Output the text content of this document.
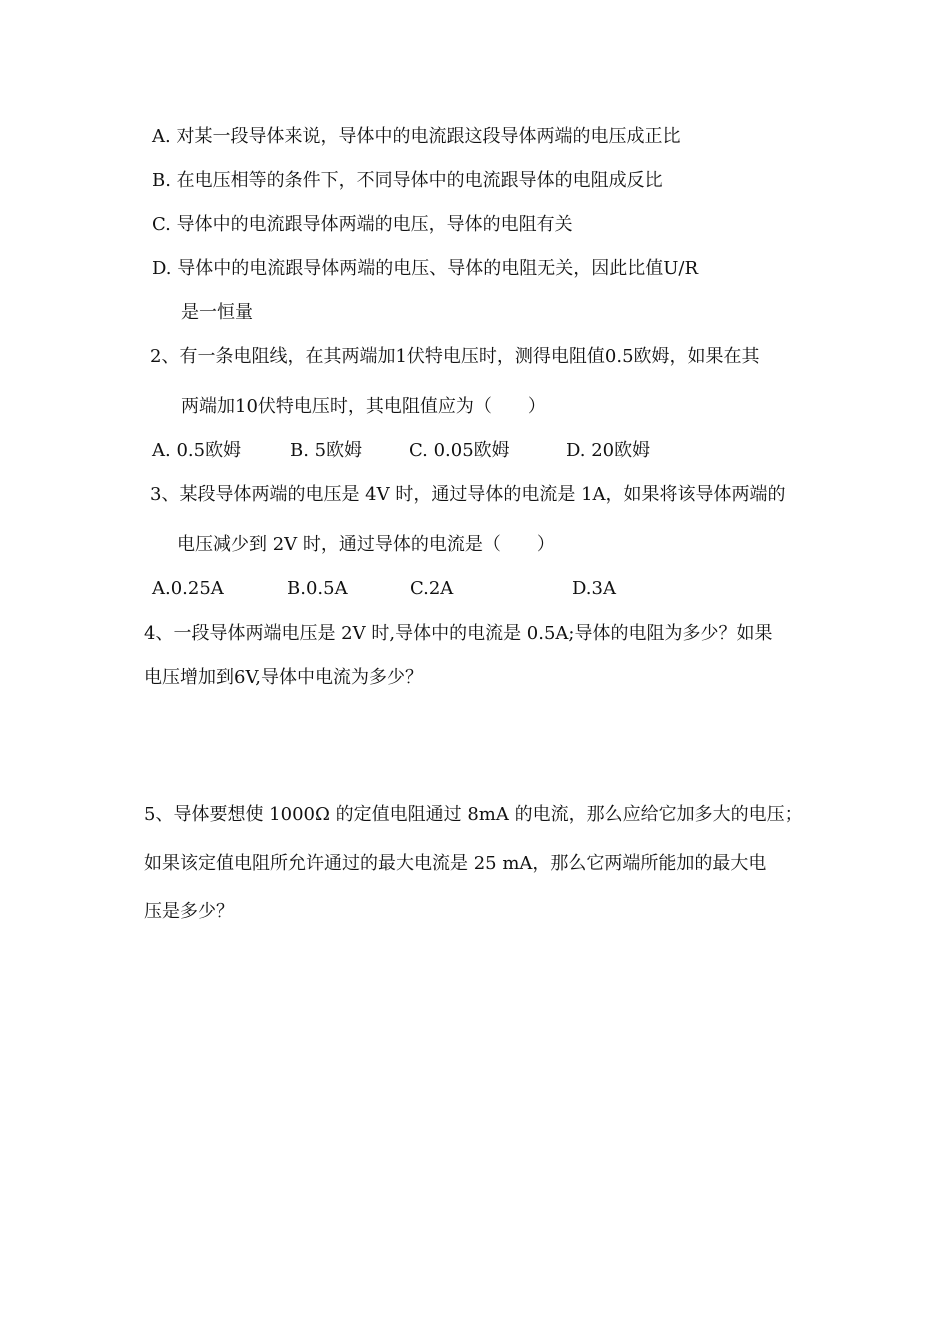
A. 对某一段导体来说，导体中的电流跟这段导体两端的电压成正比
B. 在电压相等的条件下，不同导体中的电流跟导体的电阻成反比
C. 导体中的电流跟导体两端的电压，导体的电阻有关
D. 导体中的电流跟导体两端的电压、导体的电阻无关，因此比值U/R
是一恒量
2、有一条电阻线，在其两端加1伏特电压时，测得电阻值0.5欧姆，如果在其
两端加10伏特电压时，其电阻值应为（　　）
A. 0.5欧姆	B. 5欧姆	C. 0.05欧姆	D. 20欧姆
3、某段导体两端的电压是 4V 时，通过导体的电流是 1A，如果将该导体两端的
电压减少到 2V 时，通过导体的电流是（　　）
A.0.25A	B.0.5A	C.2A	D.3A
4、一段导体两端电压是 2V 时,导体中的电流是 0.5A;导体的电阻为多少？如果
电压增加到6V,导体中电流为多少？
5、导体要想使 1000Ω 的定值电阻通过 8mA 的电流，那么应给它加多大的电压；
如果该定值电阻所允许通过的最大电流是 25 mA，那么它两端所能加的最大电
压是多少？
